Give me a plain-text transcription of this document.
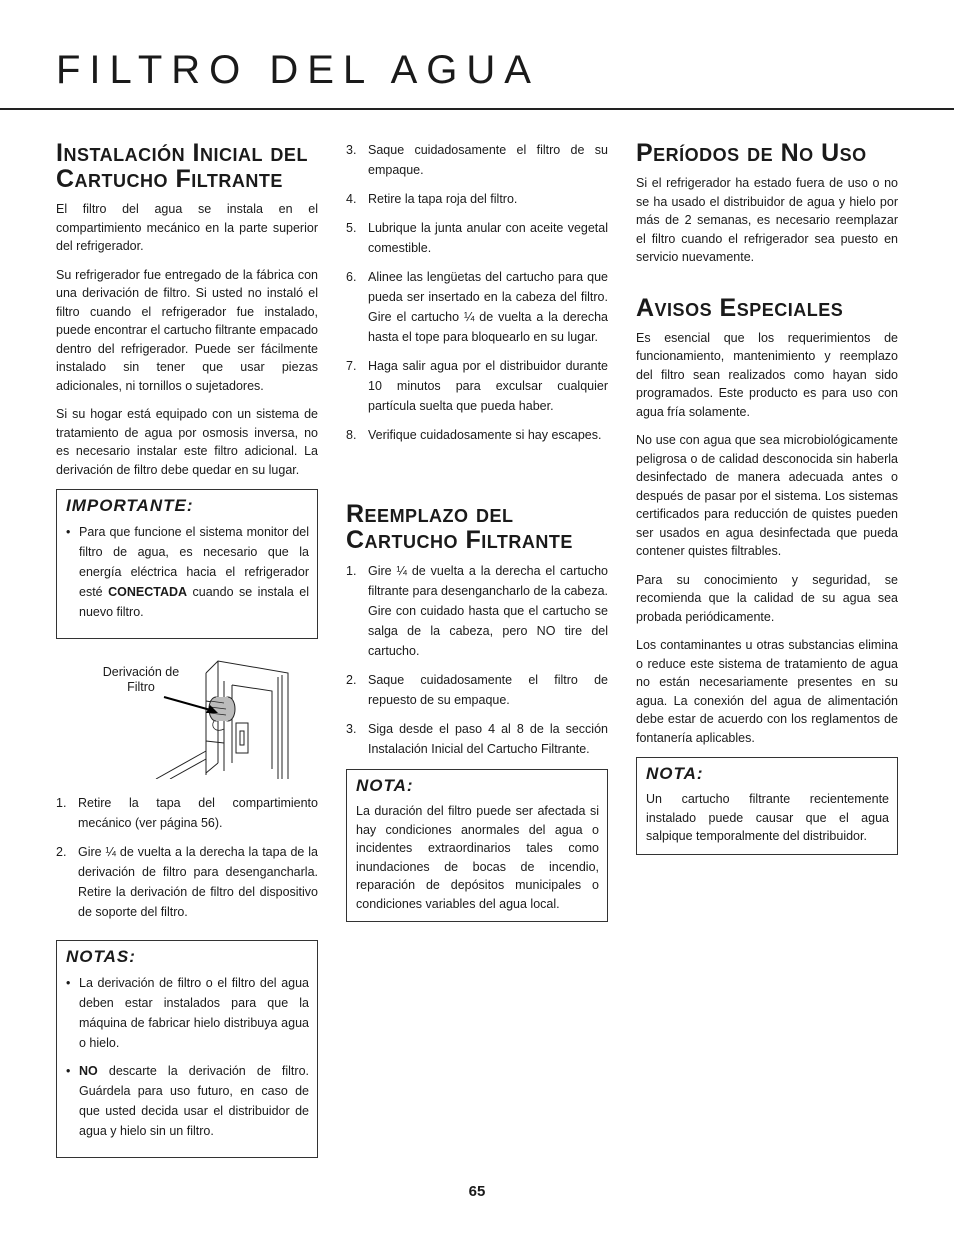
FILTRO DEL AGUA
Instalación Inicial del Cartucho Filtrante

El filtro del agua se instala en el compartimiento mecánico en la parte superior del refrigerador.

Su refrigerador fue entregado de la fábrica con una derivación de filtro. Si usted no instaló el filtro cuando el refrigerador fue instalado, puede encontrar el cartucho filtrante empacado dentro del refrigerador. Puede ser fácilmente instalado sin tener que usar piezas adicionales, ni tornillos o sujetadores.

Si su hogar está equipado con un sistema de tratamiento de agua por osmosis inversa, no es necesario instalar este filtro adicional. La derivación de filtro debe quedar en su lugar.

IMPORTANTE:
• Para que funcione el sistema monitor del filtro de agua, es necesario que la energía eléctrica hacia el refrigerador esté CONECTADA cuando se instala el nuevo filtro.
Derivación de Filtro
1. Retire la tapa del compartimiento mecánico (ver página 56).
2. Gire ¼ de vuelta a la derecha la tapa de la derivación de filtro para desengancharla. Retire la derivación de filtro del dispositivo de soporte del filtro.
NOTAS:
• La derivación de filtro o el filtro del agua deben estar instalados para que la máquina de fabricar hielo distribuya agua o hielo.
• NO descarte la derivación de filtro. Guárdela para uso futuro, en caso de que usted decida usar el distribuidor de agua y hielo sin un filtro.
3. Saque cuidadosamente el filtro de su empaque.
4. Retire la tapa roja del filtro.
5. Lubrique la junta anular con aceite vegetal comestible.
6. Alinee las lengüetas del cartucho para que pueda ser insertado en la cabeza del filtro. Gire el cartucho ¼ de vuelta a la derecha hasta el tope para bloquearlo en su lugar.
7. Haga salir agua por el distribuidor durante 10 minutos para exculsar cualquier partícula suelta que pueda haber.
8. Verifique cuidadosamente si hay escapes.
Reemplazo del Cartucho Filtrante
1. Gire ¼ de vuelta a la derecha el cartucho filtrante para desengancharlo de la cabeza. Gire con cuidado hasta que el cartucho se salga de la cabeza, pero NO tire del cartucho.
2. Saque cuidadosamente el filtro de repuesto de su empaque.
3. Siga desde el paso 4 al 8 de la sección Instalación Inicial del Cartucho Filtrante.
NOTA:

La duración del filtro puede ser afectada si hay condiciones anormales del agua o incidentes extraordinarios tales como inundaciones de bocas de incendio, reparación de depósitos municipales o condiciones variables del agua local.

Períodos de No Uso

Si el refrigerador ha estado fuera de uso o no se ha usado el distribuidor de agua y hielo por más de 2 semanas, es necesario reemplazar el filtro cuando el refrigerador sea puesto en servicio nuevamente.

Avisos Especiales

Es esencial que los requerimientos de funcionamiento, mantenimiento y reemplazo del filtro sean realizados como hayan sido programados. Este producto es para uso con agua fría solamente.

No use con agua que sea microbiológicamente peligrosa o de calidad desconocida sin haberla desinfectado de manera adecuada antes o después de pasar por el sistema. Los sistemas certificados para reducción de quistes pueden ser usados en agua desinfectada que pueda contener quistes filtrables.

Para su conocimiento y seguridad, se recomienda que la calidad de su agua sea probada periódicamente.

Los contaminantes u otras substancias elimina o reduce este sistema de tratamiento de agua no están necesariamente presentes en su agua. La conexión del agua de alimentación debe estar de acuerdo con los reglamentos de fontanería aplicables.

NOTA:

Un cartucho filtrante recientemente instalado puede causar que el agua salpique temporalmente del distribuidor.

65
